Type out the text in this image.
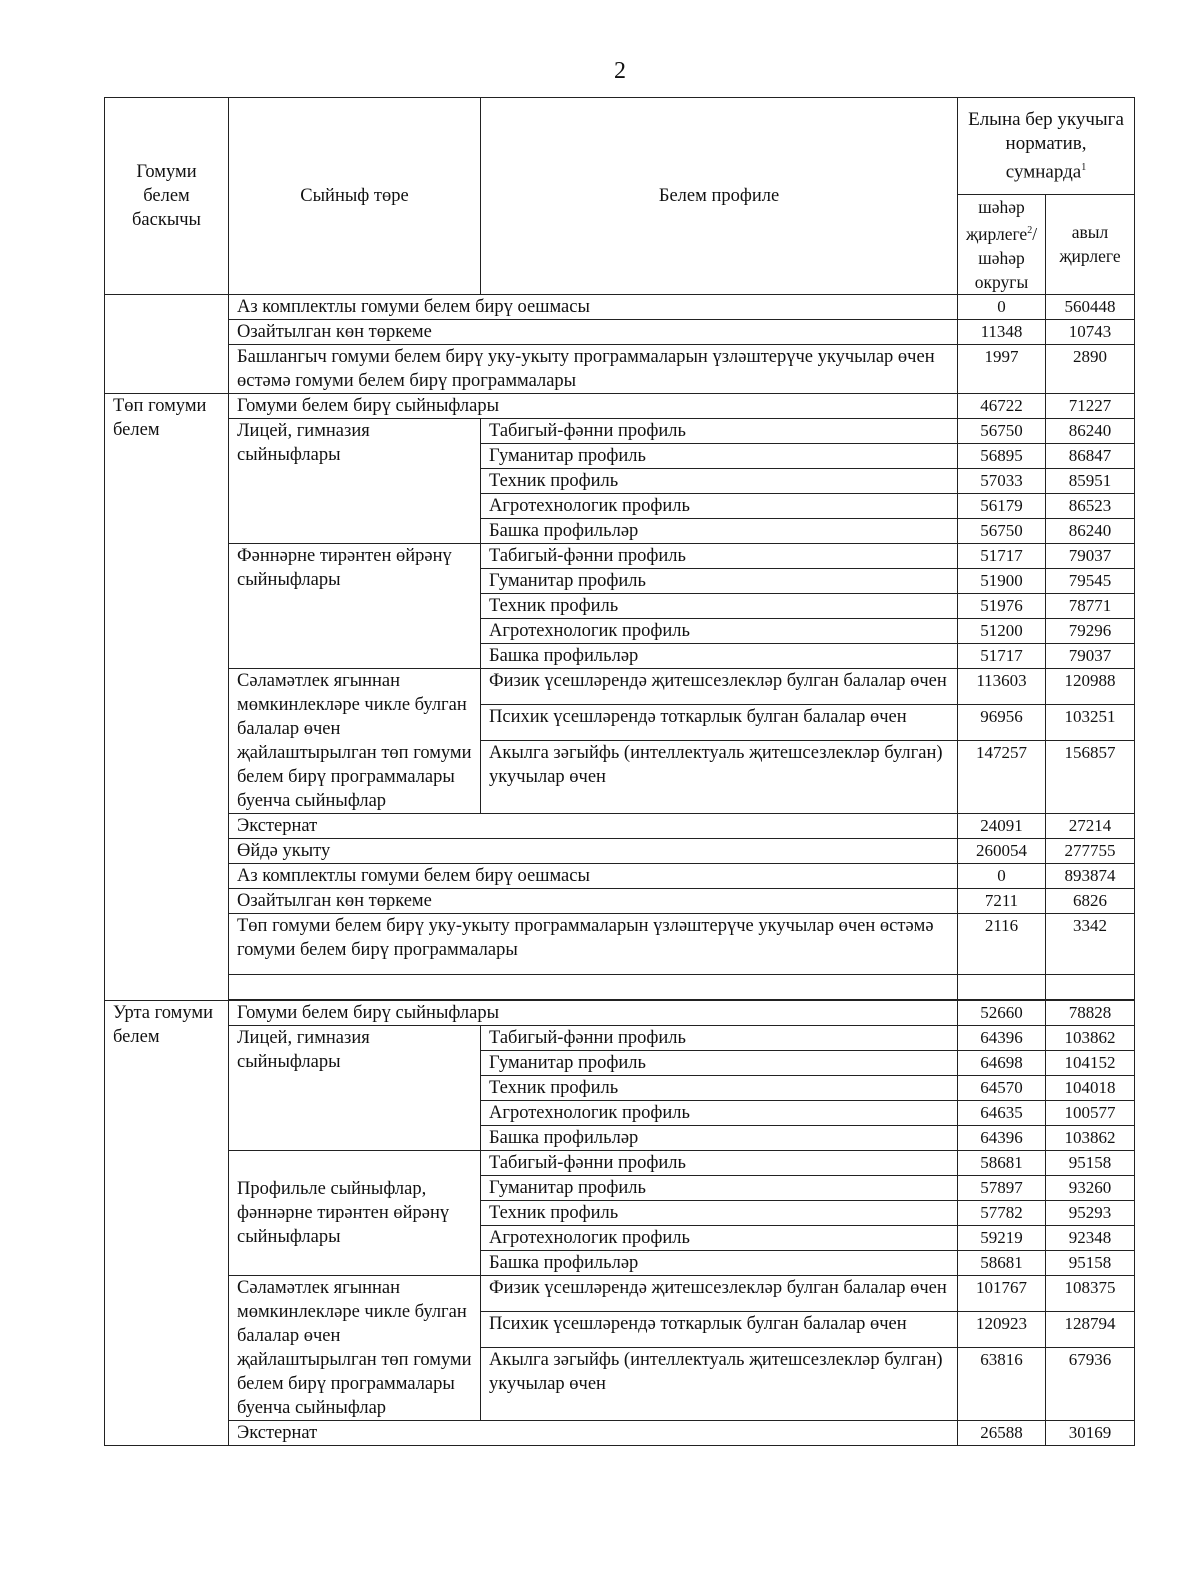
2
Гомуми белем баскычы	Сыйныф төре	Белем профиле	Елына бер укучыга норматив, сумнарда$^1$
			шәһәр җирлеге$^2$/ шәһәр округы	авыл җирлеге
	Аз комплектлы гомуми белем бирү оешмасы		0	560448
	Озайтылган көн төркеме		11348	10743
	Башлангыч гомуми белем бирү уку-укыту программаларын үзләштерүче укучылар өчен өстәмә гомуми белем бирү программалары		1997	2890
Төп гомуми белем	Гомуми белем бирү сыйныфлары		46722	71227
	Лицей, гимназия сыйныфлары	Табигый-фәнни профиль	56750	86240
		Гуманитар профиль	56895	86847
		Техник профиль	57033	85951
		Агротехнологик профиль	56179	86523
		Башка профильләр	56750	86240
	Фәннәрне тирәнтен өйрәнү сыйныфлары	Табигый-фәнни профиль	51717	79037
		Гуманитар профиль	51900	79545
		Техник профиль	51976	78771
		Агротехнологик профиль	51200	79296
		Башка профильләр	51717	79037
	Сәламәтлек ягыннан мөмкинлекләре чикле булган балалар өчен җайлаштырылган төп гомуми белем бирү программалары буенча сыйныфлар	Физик үсешләрендә җитешсезлекләр булган балалар өчен	113603	120988
		Психик үсешләрендә тоткарлык булган балалар өчен	96956	103251
		Акылга зәгыйфь (интеллектуаль җитешсезлекләр булган) укучылар өчен	147257	156857
	Экстернат		24091	27214
	Өйдә укыту		260054	277755
	Аз комплектлы гомуми белем бирү оешмасы		0	893874
	Озайтылган көн төркеме		7211	6826
	Төп гомуми белем бирү уку-укыту программаларын үзләштерүче укучылар өчен өстәмә гомуми белем бирү программалары		2116	3342

Урта гомуми белем	Гомуми белем бирү сыйныфлары		52660	78828
	Лицей, гимназия сыйныфлары	Табигый-фәнни профиль	64396	103862
		Гуманитар профиль	64698	104152
		Техник профиль	64570	104018
		Агротехнологик профиль	64635	100577
		Башка профильләр	64396	103862
	Профильле сыйныфлар, фәннәрне тирәнтен өйрәнү сыйныфлары	Табигый-фәнни профиль	58681	95158
		Гуманитар профиль	57897	93260
		Техник профиль	57782	95293
		Агротехнологик профиль	59219	92348
		Башка профильләр	58681	95158
	Сәламәтлек ягыннан мөмкинлекләре чикле булган балалар өчен җайлаштырылган төп гомуми белем бирү программалары буенча сыйныфлар	Физик үсешләрендә җитешсезлекләр булган балалар өчен	101767	108375
		Психик үсешләрендә тоткарлык булган балалар өчен	120923	128794
		Акылга зәгыйфь (интеллектуаль җитешсезлекләр булган) укучылар өчен	63816	67936
	Экстернат		26588	30169
